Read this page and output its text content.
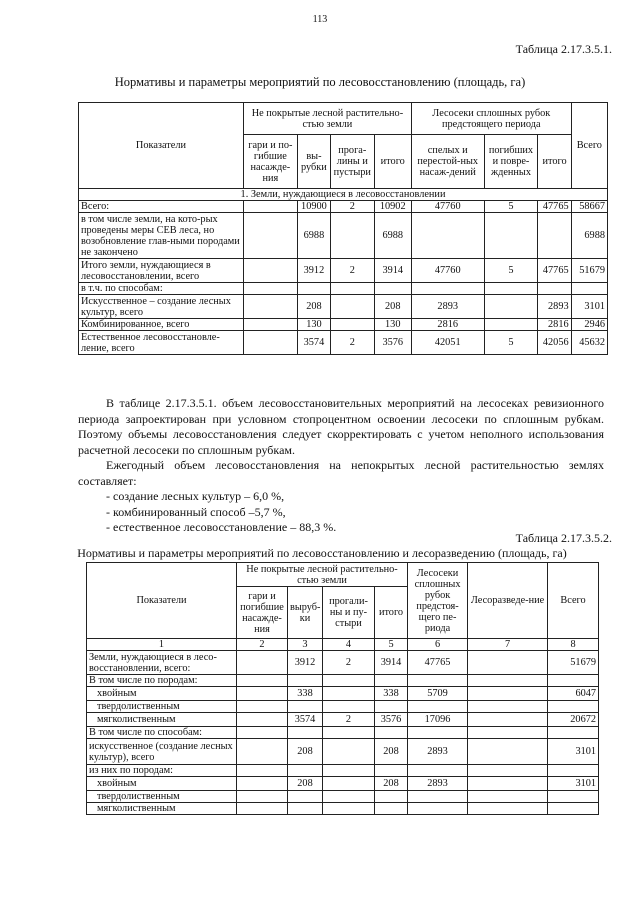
113
Таблица 2.17.3.5.1.
Нормативы и параметры мероприятий по лесовосстановлению (площадь, га)
Показатели	Не покрытые лесной растительно-стью земли				Лесосеки сплошных рубок предстоящего периода			Всего
	гари и по-гибшие насажде-ния	вы-рубки	прога-лины и пустыри	итого	спелых и перестой-ных насаж-дений	погибших и повре-жденных	итого	
1. Земли, нуждающиеся в лесовосстановлении								
Всего:		10900	2	10902	47760	5	47765	58667
в том числе земли, на кото-рых проведены меры СЕВ леса, но возобновление глав-ными породами не закончено		6988		6988				6988
Итого земли, нуждающиеся в лесовосстановлении, всего		3912	2	3914	47760	5	47765	51679
в т.ч. по способам:								
Искусственное – создание лесных культур, всего		208		208	2893		2893	3101
Комбинированное, всего		130		130	2816		2816	2946
Естественное лесовосстановле-ление, всего		3574	2	3576	42051	5	42056	45632

В таблице 2.17.3.5.1. объем лесовосстановительных мероприятий на лесосеках ревизионного периода запроектирован при условном стопроцентном освоении лесосеки по сплошным рубкам. Поэтому объемы лесовосстановления следует скорректировать с учетом неполного использования расчетной лесосеки по сплошным рубкам.

Ежегодный объем лесовосстановления на непокрытых лесной растительностью землях составляет:

- создание лесных культур – 6,0 %,

- комбинированный способ –5,7 %,

- естественное лесовосстановление – 88,3 %.

Таблица 2.17.3.5.2.
Нормативы и параметры мероприятий по лесовосстановлению и лесоразведению (площадь, га)
Показатели	Не покрытые лесной растительно-стью земли				Лесосеки сплошных рубок предстоя-щего пе-риода	Лесоразведе-ние	Всего
	гари и погибшие насажде-ния	выруб-ки	прогали-ны и пу-стыри	итого			
1	2	3	4	5	6	7	8
Земли, нуждающиеся в лесо-восстановлении, всего:		3912	2	3914	47765		51679
В том числе по породам:							
хвойным		338		338	5709		6047
твердолиственным							
мягколиственным		3574	2	3576	17096		20672
В том числе по способам:							
искусственное (создание лесных культур), всего		208		208	2893		3101
из них по породам:							
хвойным		208		208	2893		3101
твердолиственным							
мягколиственным							
